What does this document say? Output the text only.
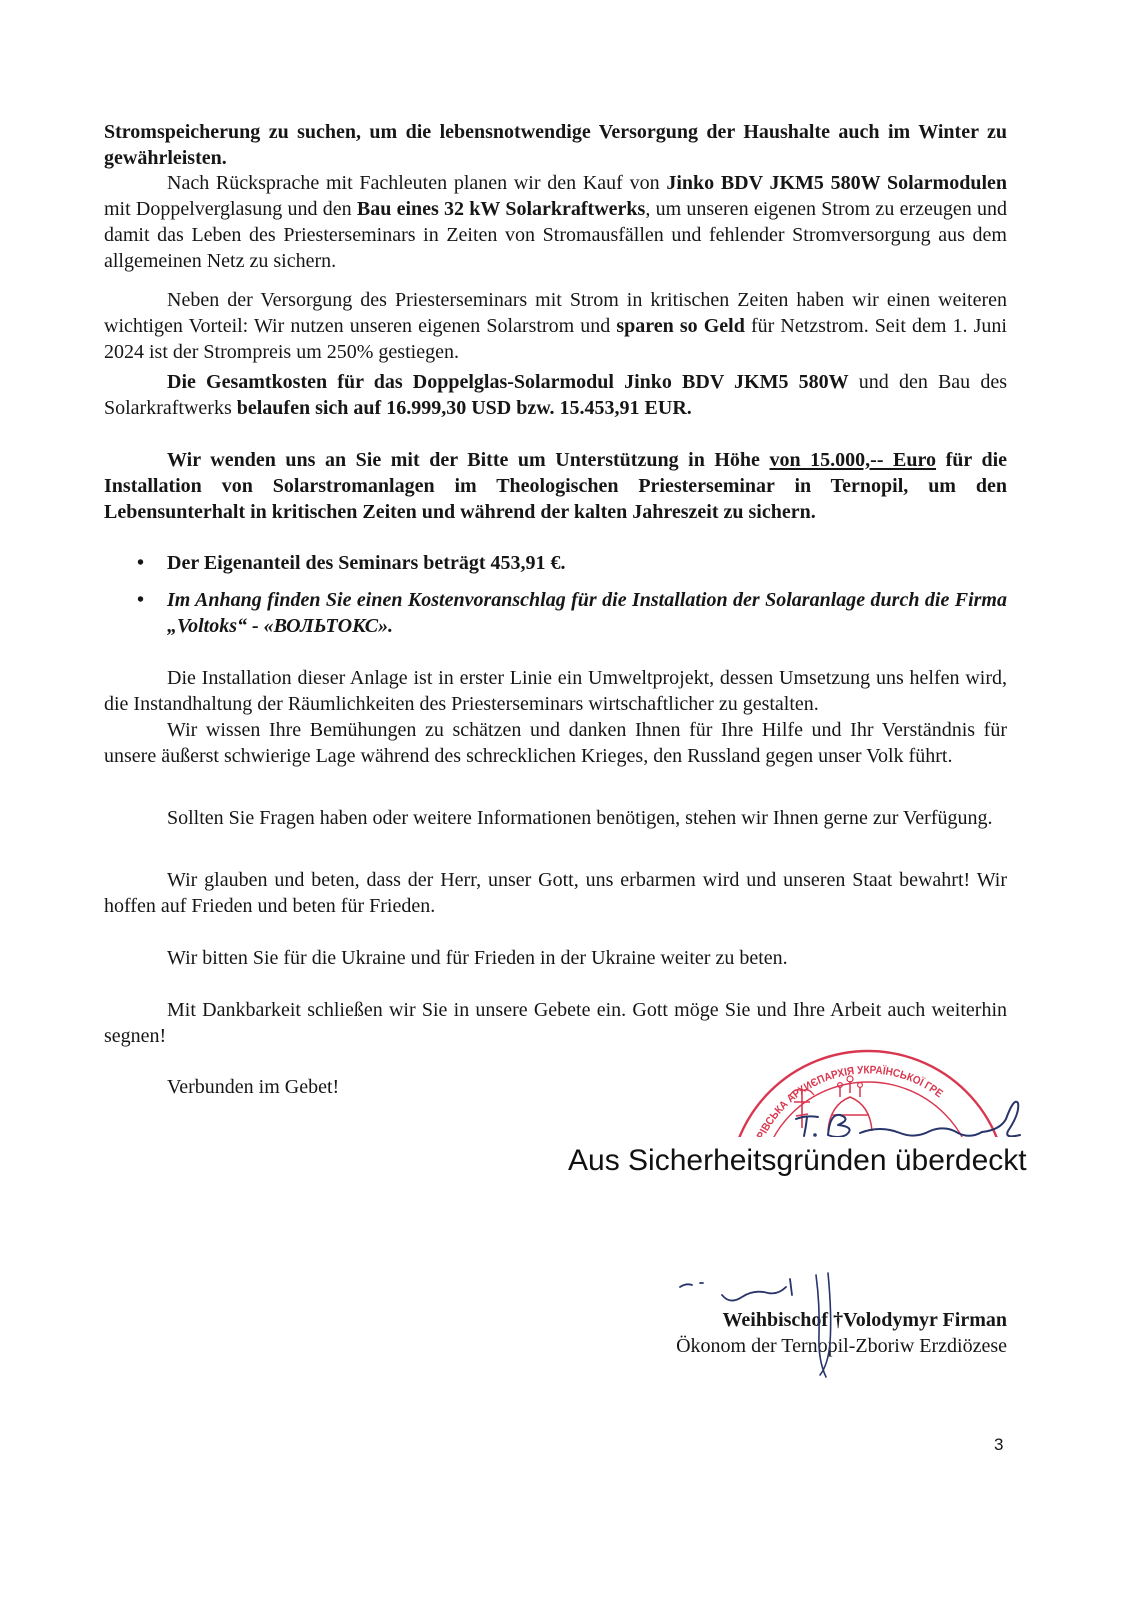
Stromspeicherung zu suchen, um die lebensnotwendige Versorgung der Haushalte auch im Winter zu gewährleisten.
Nach Rücksprache mit Fachleuten planen wir den Kauf von Jinko BDV JKM5 580W Solarmodulen mit Doppelverglasung und den Bau eines 32 kW Solarkraftwerks, um unseren eigenen Strom zu erzeugen und damit das Leben des Priesterseminars in Zeiten von Stromausfällen und fehlender Stromversorgung aus dem allgemeinen Netz zu sichern.
Neben der Versorgung des Priesterseminars mit Strom in kritischen Zeiten haben wir einen weiteren wichtigen Vorteil: Wir nutzen unseren eigenen Solarstrom und sparen so Geld für Netzstrom. Seit dem 1. Juni 2024 ist der Strompreis um 250% gestiegen.
Die Gesamtkosten für das Doppelglas-Solarmodul Jinko BDV JKM5 580W und den Bau des Solarkraftwerks belaufen sich auf 16.999,30 USD bzw. 15.453,91 EUR.
Wir wenden uns an Sie mit der Bitte um Unterstützung in Höhe von 15.000,-- Euro für die Installation von Solarstromanlagen im Theologischen Priesterseminar in Ternopil, um den Lebensunterhalt in kritischen Zeiten und während der kalten Jahreszeit zu sichern.
• Der Eigenanteil des Seminars beträgt 453,91 €.
• Im Anhang finden Sie einen Kostenvoranschlag für die Installation der Solaranlage durch die Firma „Voltoks“ - «ВОЛЬТОКС».
Die Installation dieser Anlage ist in erster Linie ein Umweltprojekt, dessen Umsetzung uns helfen wird, die Instandhaltung der Räumlichkeiten des Priesterseminars wirtschaftlicher zu gestalten.
Wir wissen Ihre Bemühungen zu schätzen und danken Ihnen für Ihre Hilfe und Ihr Verständnis für unsere äußerst schwierige Lage während des schrecklichen Krieges, den Russland gegen unser Volk führt.
Sollten Sie Fragen haben oder weitere Informationen benötigen, stehen wir Ihnen gerne zur Verfügung.
Wir glauben und beten, dass der Herr, unser Gott, uns erbarmen wird und unseren Staat bewahrt! Wir hoffen auf Frieden und beten für Frieden.
Wir bitten Sie für die Ukraine und für Frieden in der Ukraine weiter zu beten.
Mit Dankbarkeit schließen wir Sie in unsere Gebete ein. Gott möge Sie und Ihre Arbeit auch weiterhin segnen!
Verbunden im Gebet!
РІВСЬКА АРХИЄПАРХІЯ УКРАЇНСЬКОЇ ГРЕ
Aus Sicherheitsgründen überdeckt
Weihbischof †Volodymyr Firman
Ökonom der Ternopil-Zboriw Erzdiözese
3
